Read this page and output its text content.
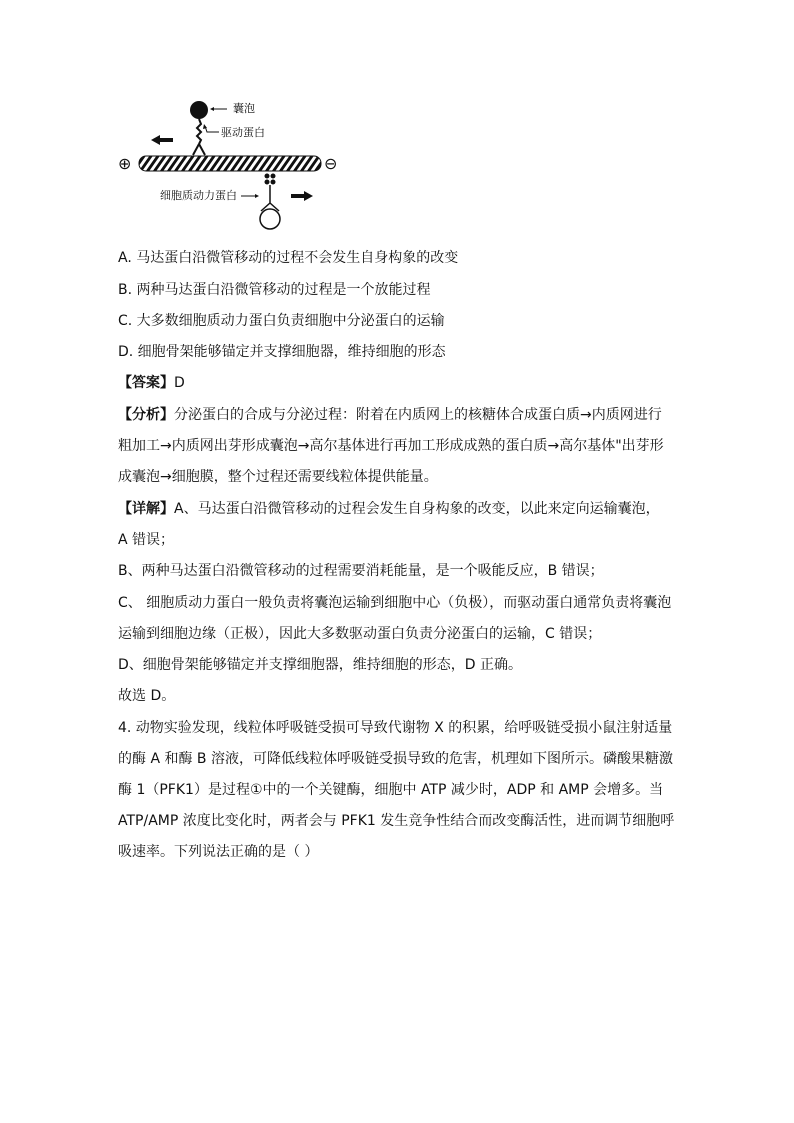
囊泡
驱动蛋白
⊕	⊖
细胞质动力蛋白
A. 马达蛋白沿微管移动的过程不会发生自身构象的改变
B. 两种马达蛋白沿微管移动的过程是一个放能过程
C. 大多数细胞质动力蛋白负责细胞中分泌蛋白的运输
D. 细胞骨架能够锚定并支撑细胞器，维持细胞的形态
【答案】D
【分析】分泌蛋白的合成与分泌过程：附着在内质网上的核糖体合成蛋白质→内质网进行
粗加工→内质网出芽形成囊泡→高尔基体进行再加工形成成熟的蛋白质→高尔基体"出芽形
成囊泡→细胞膜，整个过程还需要线粒体提供能量。
【详解】A、马达蛋白沿微管移动的过程会发生自身构象的改变，以此来定向运输囊泡，
A 错误；
B、两种马达蛋白沿微管移动的过程需要消耗能量，是一个吸能反应，B 错误；
C、 细胞质动力蛋白一般负责将囊泡运输到细胞中心（负极），而驱动蛋白通常负责将囊泡
运输到细胞边缘（正极），因此大多数驱动蛋白负责分泌蛋白的运输，C 错误；
D、细胞骨架能够锚定并支撑细胞器，维持细胞的形态，D 正确。
故选 D。
4. 动物实验发现，线粒体呼吸链受损可导致代谢物 X 的积累，给呼吸链受损小鼠注射适量
的酶 A 和酶 B 溶液，可降低线粒体呼吸链受损导致的危害，机理如下图所示。磷酸果糖激
酶 1（PFK1）是过程①中的一个关键酶，细胞中 ATP 减少时，ADP 和 AMP 会增多。当
ATP/AMP 浓度比变化时，两者会与 PFK1 发生竞争性结合而改变酶活性，进而调节细胞呼
吸速率。下列说法正确的是（ ）
